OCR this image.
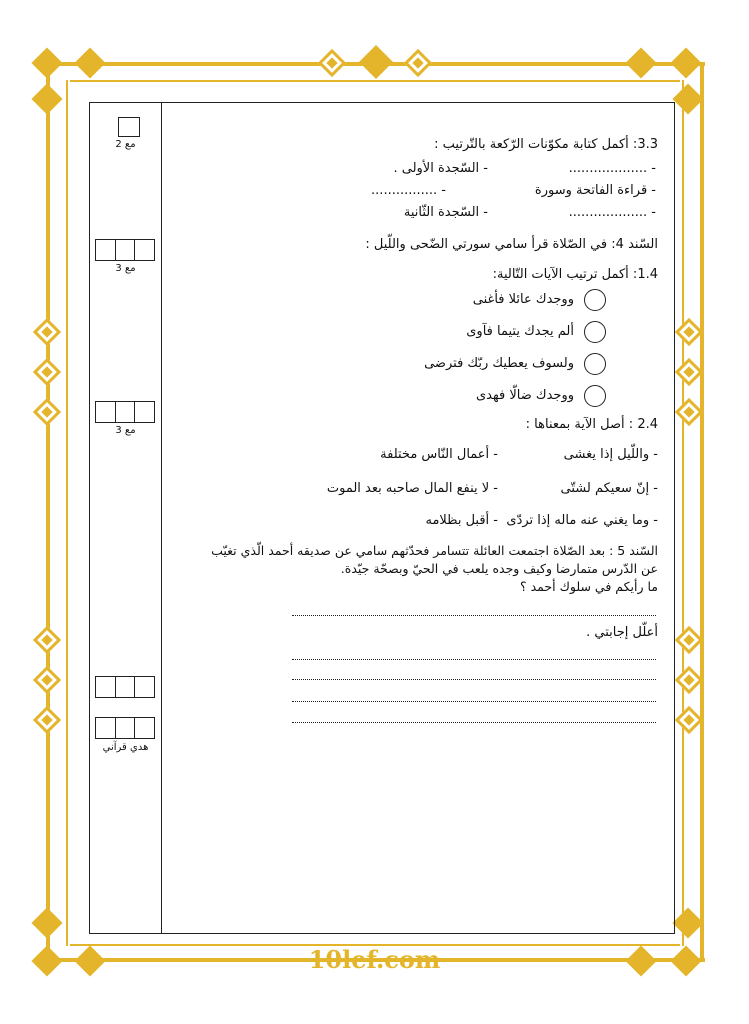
مع 2
مع 3
مع 3
هدي قرآني
3.3: أكمل كتابة مكوّنات الرّكعة بالتّرتيب :
- ...................
- السّجدة الأولى .
- قراءة الفاتحة وسورة
- ................
- ...................
- السّجدة الثّانية
السّند 4: في الصّلاة قرأ سامي سورتي الضّحى واللّيل :
1.4: أكمل ترتيب الآيات التّالية:
ووجدك عائلا فأغنى
ألم يجدك يتيما فآوى
ولسوف يعطيك ربّك فترضى
ووجدك ضالّا فهدى
2.4 : أصل الآية بمعناها :
- واللّيل إذا يغشى
- أعمال النّاس مختلفة
- إنّ سعيكم لشتّى
- لا ينفع المال صاحبه بعد الموت
- وما يغني عنه ماله إذا تردّى
- أقبل بظلامه
السّند 5 : بعد الصّلاة اجتمعت العائلة تتسامر فحدّثهم سامي عن صديقه أحمد الّذي تغيّب
عن الدّرس متمارضا وكيف وجده يلعب في الحيّ وبصحّة جيّدة.
ما رأيكم في سلوك أحمد ؟
أعلّل إجابتي .
10lef.com
